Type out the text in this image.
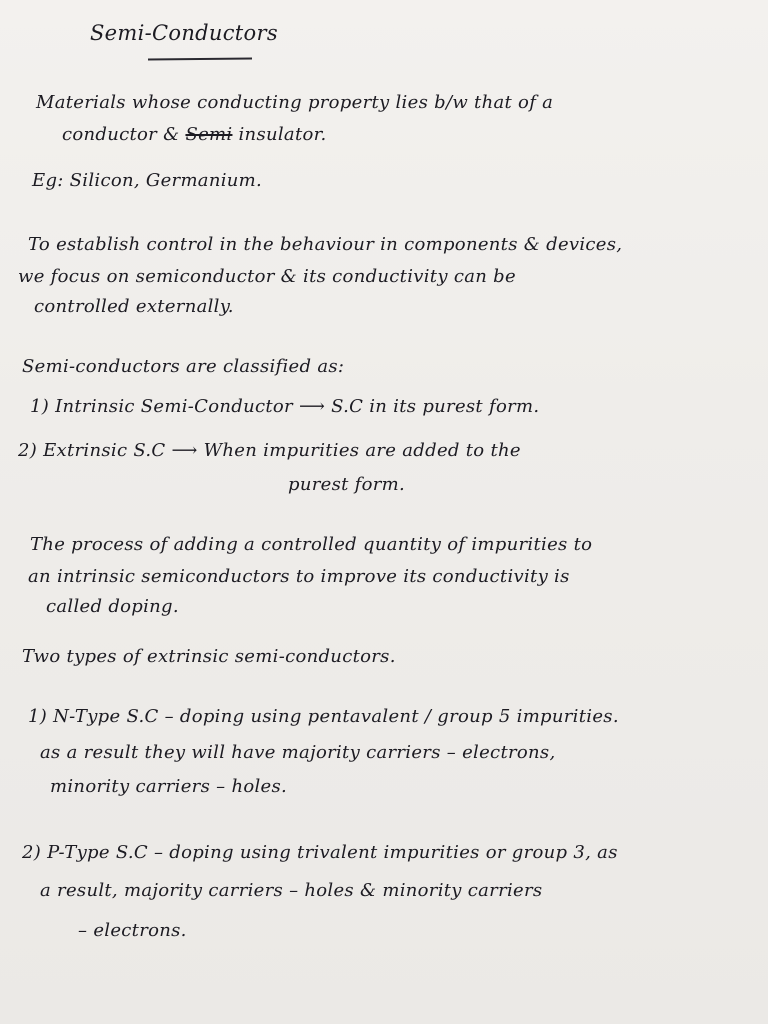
Semi-Conductors
Materials whose conducting property lies b/w that of a
conductor & Semi insulator.
Eg: Silicon, Germanium.
To establish control in the behaviour in components & devices,
we focus on semiconductor & its conductivity can be
controlled externally.
Semi-conductors are classified as:
1) Intrinsic Semi-Conductor ⟶ S.C in its purest form.
2) Extrinsic S.C ⟶ When impurities are added to the
purest form.
The process of adding a controlled quantity of impurities to
an intrinsic semiconductors to improve its conductivity is
called doping.
Two types of extrinsic semi-conductors.
1) N-Type S.C – doping using pentavalent / group 5 impurities.
as a result they will have majority carriers – electrons,
minority carriers – holes.
2) P-Type S.C – doping using trivalent impurities or group 3, as
a result, majority carriers – holes & minority carriers
– electrons.
